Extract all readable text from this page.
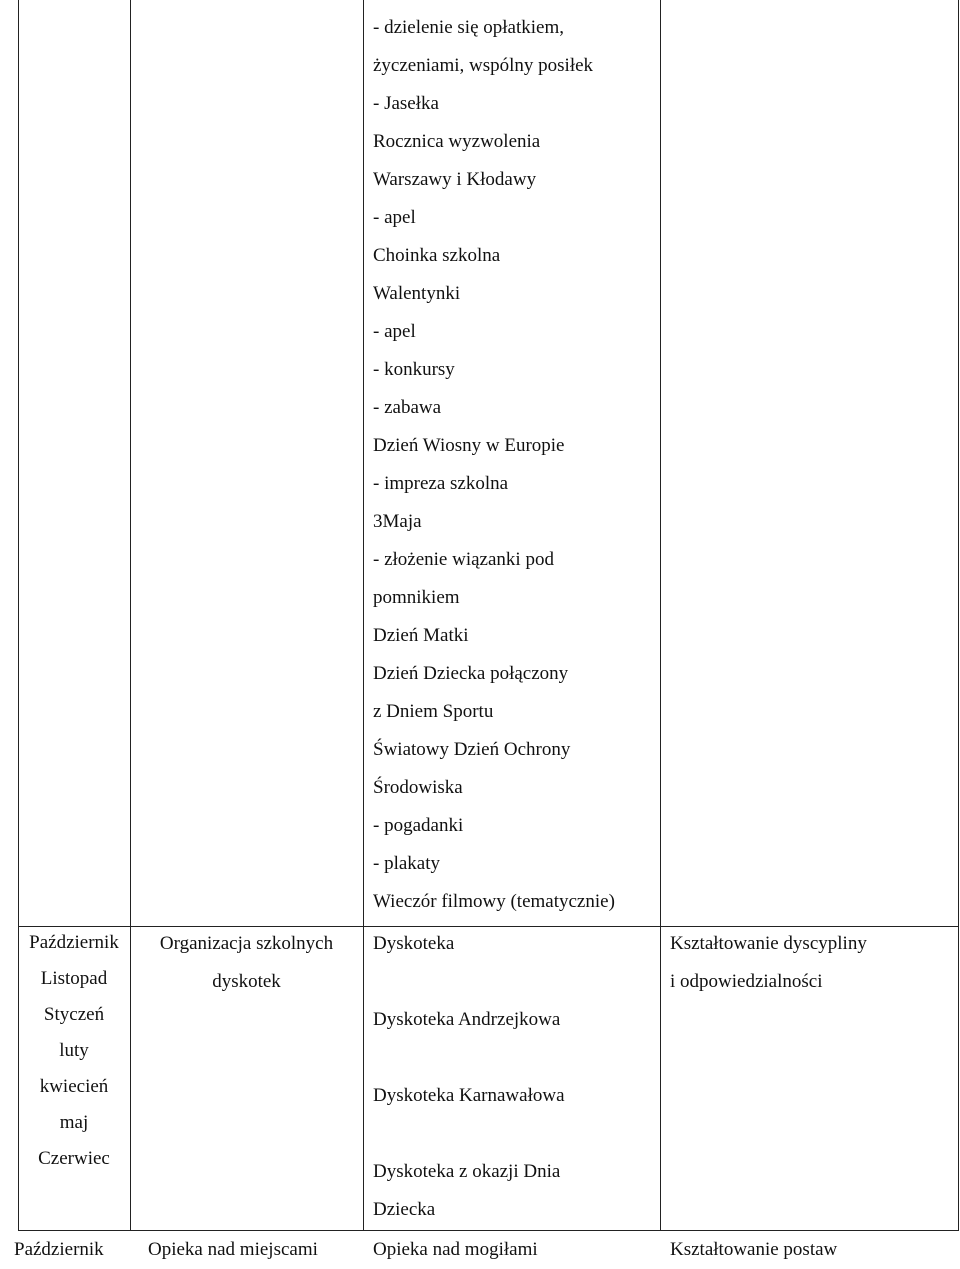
- dzielenie się opłatkiem,
życzeniami, wspólny posiłek
- Jasełka
Rocznica wyzwolenia
Warszawy i Kłodawy
- apel
Choinka szkolna
Walentynki
- apel
- konkursy
- zabawa
Dzień Wiosny w Europie
- impreza szkolna
3Maja
- złożenie wiązanki pod
pomnikiem
Dzień Matki
Dzień Dziecka połączony
z Dniem Sportu
Światowy Dzień Ochrony
Środowiska
- pogadanki
- plakaty
Wieczór filmowy (tematycznie)
Październik
Listopad
Styczeń
luty
kwiecień
maj
Czerwiec
Organizacja szkolnych
dyskotek
Dyskoteka
Dyskoteka Andrzejkowa
Dyskoteka Karnawałowa
Dyskoteka z okazji Dnia
Dziecka
Kształtowanie dyscypliny
i odpowiedzialności
Październik Opieka nad miejscami	Opieka nad mogiłami	Kształtowanie postaw
